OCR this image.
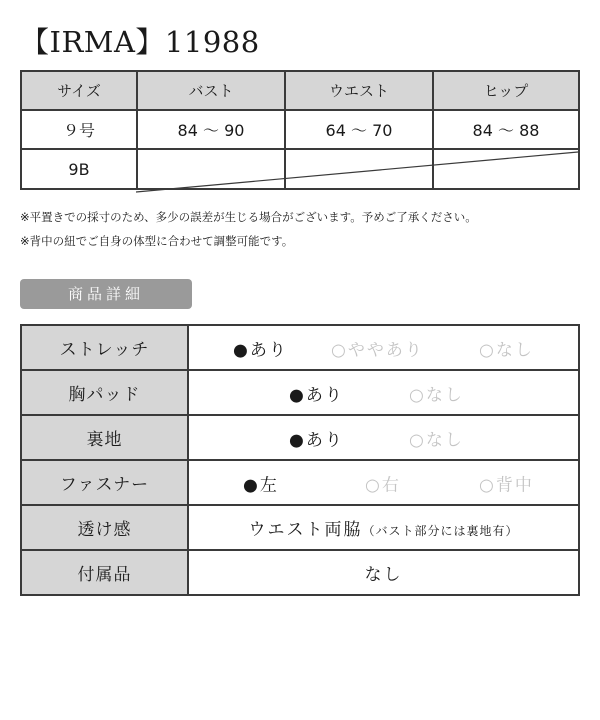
【IRMA】11988
サイズ	バスト	ウエスト	ヒップ
９号	84 ～ 90	64 ～ 70	84 ～ 88
9B			
※平置きでの採寸のため、多少の誤差が生じる場合がございます。予めご了承ください。
※背中の紐でご自身の体型に合わせて調整可能です。
商品詳細
ストレッチ	●あり ○ややあり ○なし

胸パッド	●あり ○なし

裏地	●あり ○なし

ファスナー	●左 ○右 ○背中

透け感	ウエスト両脇（バスト部分には裏地有）
付属品	なし
